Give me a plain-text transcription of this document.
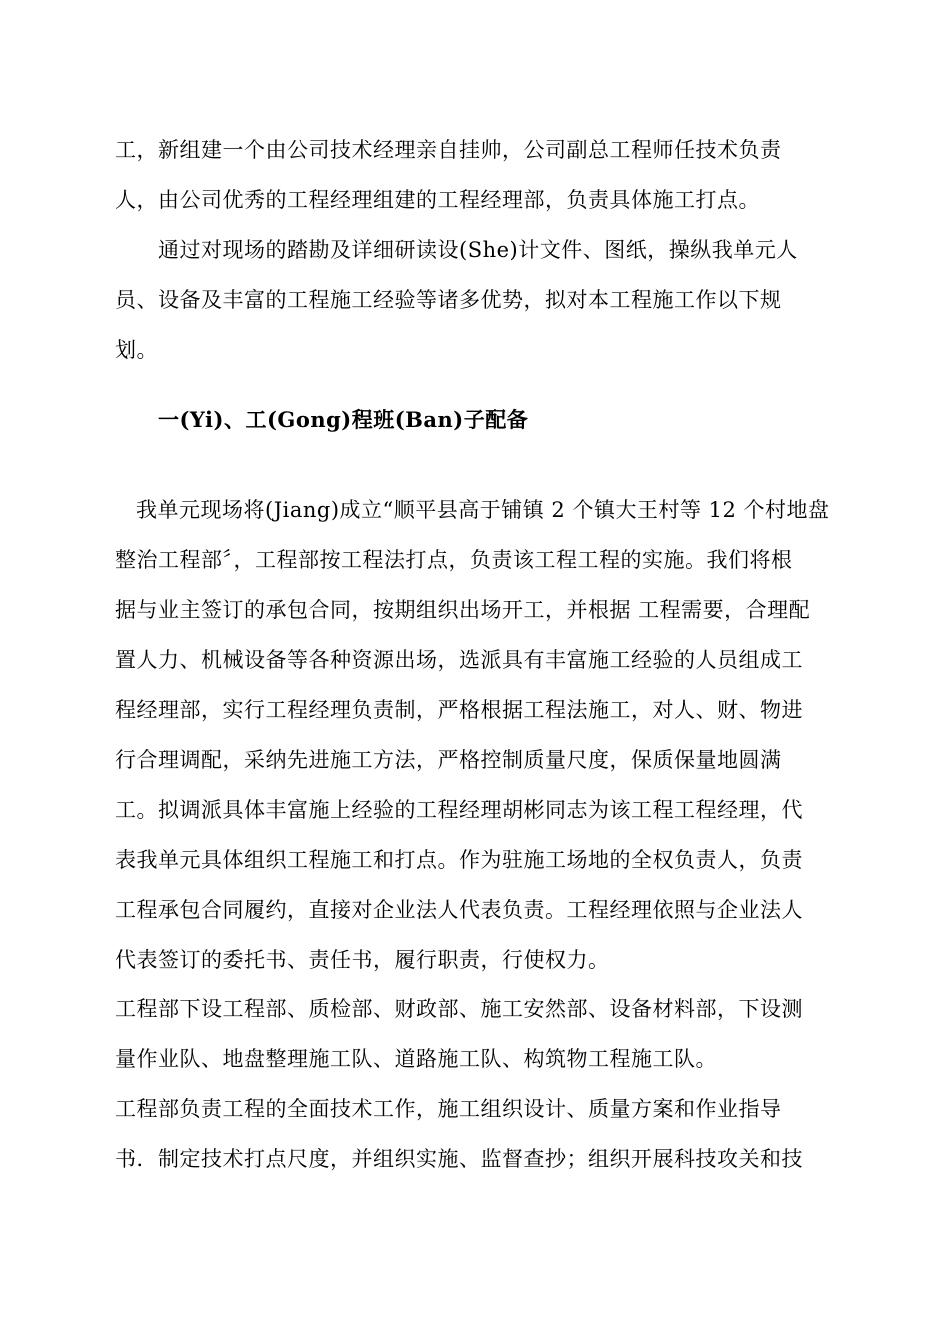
工，新组建一个由公司技术经理亲自挂帅，公司副总工程师任技术负责
人，由公司优秀的工程经理组建的工程经理部，负责具体施工打点。
通过对现场的踏勘及详细研读设(She)计文件、图纸，操纵我单元人
员、设备及丰富的工程施工经验等诸多优势，拟对本工程施工作以下规
划。
一(Yi)、工(Gong)程班(Ban)子配备
我单元现场将(Jiang)成立“顺平县高于铺镇 2 个镇大王村等 12 个村地盘
整治工程部〞，工程部按工程法打点，负责该工程工程的实施。我们将根
据与业主签订的承包合同，按期组织出场开工，并根据 工程需要，合理配
置人力、机械设备等各种资源出场，选派具有丰富施工经验的人员组成工
程经理部，实行工程经理负责制，严格根据工程法施工，对人、财、物进
行合理调配，采纳先进施工方法，严格控制质量尺度，保质保量地圆满
工。拟调派具体丰富施上经验的工程经理胡彬同志为该工程工程经理，代
表我单元具体组织工程施工和打点。作为驻施工场地的全权负责人，负责
工程承包合同履约，直接对企业法人代表负责。工程经理依照与企业法人
代表签订的委托书、责任书，履行职责，行使权力。
工程部下设工程部、质检部、财政部、施工安然部、设备材料部，下设测
量作业队、地盘整理施工队、道路施工队、构筑物工程施工队。
工程部负责工程的全面技术工作，施工组织设计、质量方案和作业指导
书．制定技术打点尺度，并组织实施、监督查抄；组织开展科技攻关和技
